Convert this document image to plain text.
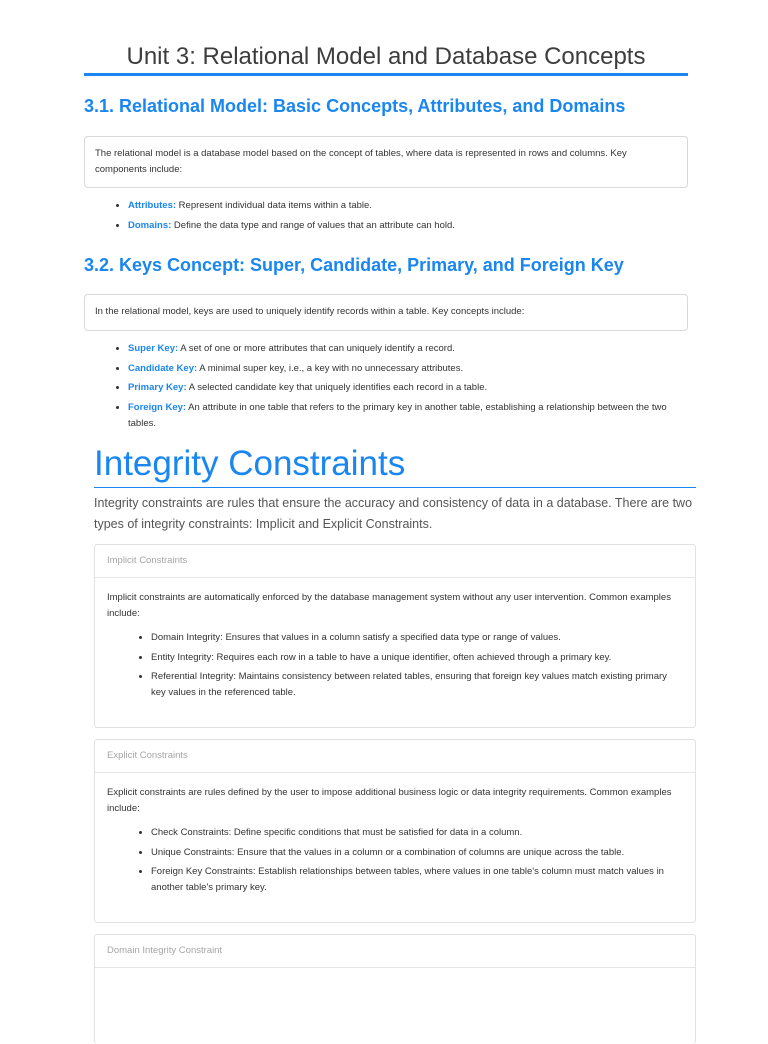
Unit 3: Relational Model and Database Concepts
3.1. Relational Model: Basic Concepts, Attributes, and Domains
The relational model is a database model based on the concept of tables, where data is represented in rows and columns. Key components include:
• Attributes: Represent individual data items within a table.
• Domains: Define the data type and range of values that an attribute can hold.
3.2. Keys Concept: Super, Candidate, Primary, and Foreign Key
In the relational model, keys are used to uniquely identify records within a table. Key concepts include:
• Super Key: A set of one or more attributes that can uniquely identify a record.
• Candidate Key: A minimal super key, i.e., a key with no unnecessary attributes.
• Primary Key: A selected candidate key that uniquely identifies each record in a table.
• Foreign Key: An attribute in one table that refers to the primary key in another table, establishing a relationship between the two tables.
Integrity Constraints

Integrity constraints are rules that ensure the accuracy and consistency of data in a database. There are two types of integrity constraints: Implicit and Explicit Constraints.

Implicit Constraints

Implicit constraints are automatically enforced by the database management system without any user intervention. Common examples include:

• Domain Integrity: Ensures that values in a column satisfy a specified data type or range of values.
• Entity Integrity: Requires each row in a table to have a unique identifier, often achieved through a primary key.
• Referential Integrity: Maintains consistency between related tables, ensuring that foreign key values match existing primary key values in the referenced table.
Explicit Constraints

Explicit constraints are rules defined by the user to impose additional business logic or data integrity requirements. Common examples include:

• Check Constraints: Define specific conditions that must be satisfied for data in a column.
• Unique Constraints: Ensure that the values in a column or a combination of columns are unique across the table.
• Foreign Key Constraints: Establish relationships between tables, where values in one table's column must match values in another table's primary key.
Domain Integrity Constraint
